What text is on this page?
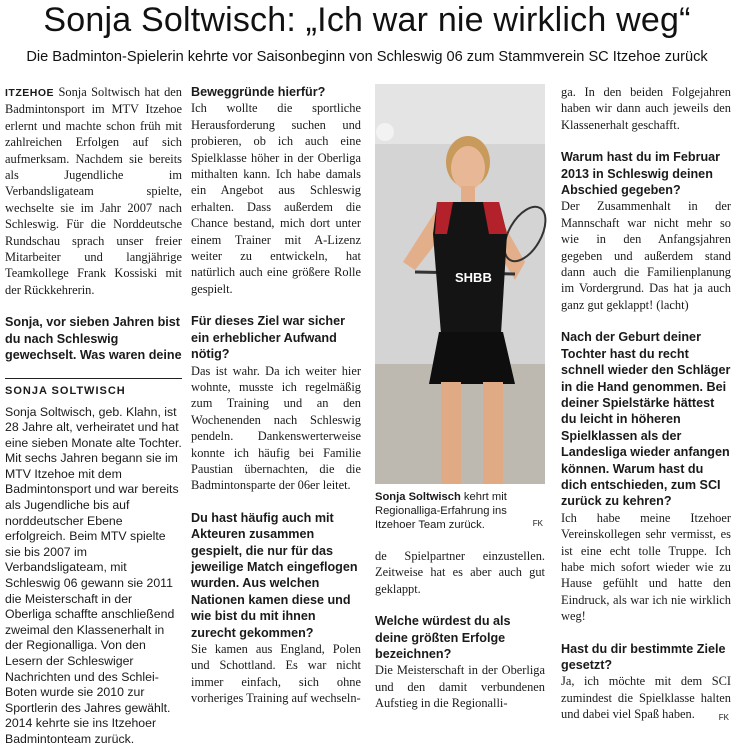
Sonja Soltwisch: „Ich war nie wirklich weg“

Die Badminton-Spielerin kehrte vor Saisonbeginn von Schleswig 06 zum Stammverein SC Itzehoe zurück

ITZEHOE Sonja Soltwisch hat den Badmintonsport im MTV Itzehoe erlernt und machte schon früh mit zahlreichen Erfolgen auf sich aufmerksam. Nachdem sie bereits als Jugendliche im Verbandsligateam spielte, wechselte sie im Jahr 2007 nach Schleswig. Für die Norddeutsche Rundschau sprach unser freier Mitarbeiter und langjährige Teamkollege Frank Kossiski mit der Rückkehrerin.

Sonja, vor sieben Jahren bist du nach Schleswig gewechselt. Was waren deine

SONJA SOLTWISCH

Sonja Soltwisch, geb. Klahn, ist 28 Jahre alt, verheiratet und hat eine sieben Monate alte Tochter. Mit sechs Jahren begann sie im MTV Itzehoe mit dem Badmintonsport und war bereits als Jugendliche bis auf norddeutscher Ebene erfolgreich. Beim MTV spielte sie bis 2007 im Verbandsligateam, mit Schleswig 06 gewann sie 2011 die Meisterschaft in der Oberliga schaffte anschließend zweimal den Klassenerhalt in der Regionalliga. Von den Lesern der Schleswiger Nachrichten und des Schlei-Boten wurde sie 2010 zur Sportlerin des Jahres gewählt. 2014 kehrte sie ins Itzehoer Badmintonteam zurück.

Beweggründe hierfür?

Ich wollte die sportliche Herausforderung suchen und probieren, ob ich auch eine Spielklasse höher in der Oberliga mithalten kann. Ich habe damals ein Angebot aus Schleswig erhalten. Dass außerdem die Chance bestand, mich dort unter einem Trainer mit A-Lizenz weiter zu entwickeln, hat natürlich auch eine größere Rolle gespielt.

Für dieses Ziel war sicher ein erheblicher Aufwand nötig?

Das ist wahr. Da ich weiter hier wohnte, musste ich regelmäßig zum Training und an den Wochenenden nach Schleswig pendeln. Dankenswerterweise konnte ich häufig bei Familie Paustian übernachten, die die Badmintonsparte der 06er leitet.

Du hast häufig auch mit Akteuren zusammen gespielt, die nur für das jeweilige Match eingeflogen wurden. Aus welchen Nationen kamen diese und wie bist du mit ihnen zurecht gekommen?

Sie kamen aus England, Polen und Schottland. Es war nicht immer einfach, sich ohne vorheriges Training auf wechseln-

SHBB

Sonja Soltwisch kehrt mit Regionalliga-Erfahrung ins Itzehoer Team zurück.	FK

de Spielpartner einzustellen. Zeitweise hat es aber auch gut geklappt.

Welche würdest du als deine größten Erfolge bezeichnen?

Die Meisterschaft in der Oberliga und den damit verbundenen Aufstieg in die Regionalli-

ga. In den beiden Folgejahren haben wir dann auch jeweils den Klassenerhalt geschafft.

Warum hast du im Februar 2013 in Schleswig deinen Abschied gegeben?

Der Zusammenhalt in der Mannschaft war nicht mehr so wie in den Anfangsjahren gegeben und außerdem stand dann auch die Familienplanung im Vordergrund. Das hat ja auch ganz gut geklappt! (lacht)

Nach der Geburt deiner Tochter hast du recht schnell wieder den Schläger in die Hand genommen. Bei deiner Spielstärke hättest du leicht in höheren Spielklassen als der Landesliga wieder anfangen können. Warum hast du dich entschieden, zum SCI zurück zu kehren?

Ich habe meine Itzehoer Vereinskollegen sehr vermisst, es ist eine echt tolle Truppe. Ich habe mich sofort wieder wie zu Hause gefühlt und hatte den Eindruck, als war ich nie wirklich weg!

Hast du dir bestimmte Ziele gesetzt?

Ja, ich möchte mit dem SCI zumindest die Spielklasse halten und dabei viel Spaß haben.	FK
